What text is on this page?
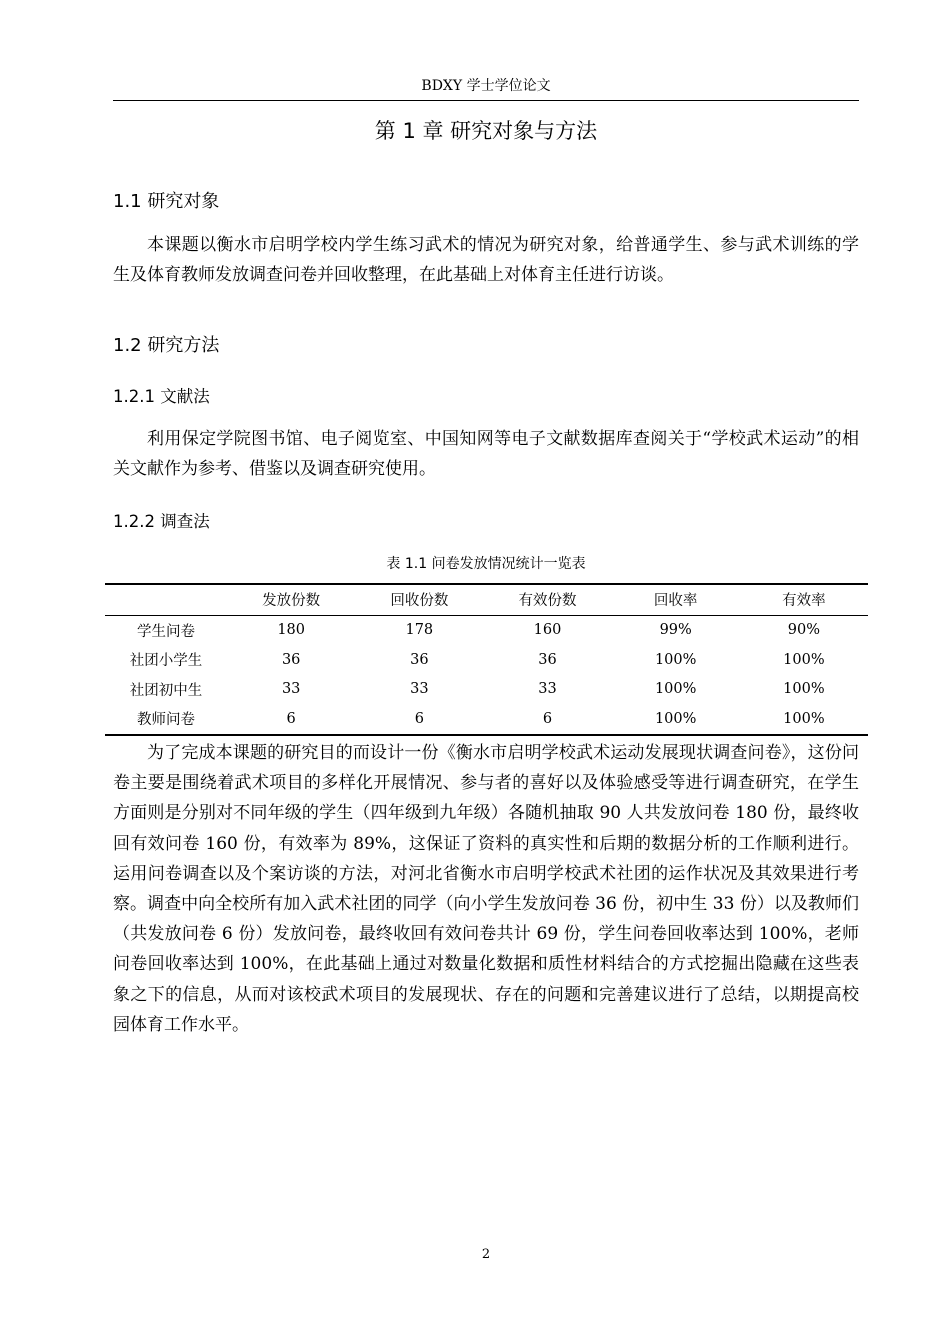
BDXY 学士学位论文
第 1 章 研究对象与方法
1.1 研究对象

本课题以衡水市启明学校内学生练习武术的情况为研究对象，给普通学生、参与武术训练的学生及体育教师发放调查问卷并回收整理，在此基础上对体育主任进行访谈。

1.2 研究方法
1.2.1 文献法

利用保定学院图书馆、电子阅览室、中国知网等电子文献数据库查阅关于“学校武术运动”的相关文献作为参考、借鉴以及调查研究使用。

1.2.2 调查法
表 1.1 问卷发放情况统计一览表
	发放份数	回收份数	有效份数	回收率	有效率
学生问卷	180	178	160	99%	90%
社团小学生	36	36	36	100%	100%
社团初中生	33	33	33	100%	100%
教师问卷	6	6	6	100%	100%

为了完成本课题的研究目的而设计一份《衡水市启明学校武术运动发展现状调查问卷》，这份问卷主要是围绕着武术项目的多样化开展情况、参与者的喜好以及体验感受等进行调查研究，在学生方面则是分别对不同年级的学生（四年级到九年级）各随机抽取 90 人共发放问卷 180 份，最终收回有效问卷 160 份，有效率为 89%，这保证了资料的真实性和后期的数据分析的工作顺利进行。运用问卷调查以及个案访谈的方法，对河北省衡水市启明学校武术社团的运作状况及其效果进行考察。调查中向全校所有加入武术社团的同学（向小学生发放问卷 36 份，初中生 33 份）以及教师们（共发放问卷 6 份）发放问卷，最终收回有效问卷共计 69 份，学生问卷回收率达到 100%，老师问卷回收率达到 100%，在此基础上通过对数量化数据和质性材料结合的方式挖掘出隐藏在这些表象之下的信息，从而对该校武术项目的发展现状、存在的问题和完善建议进行了总结，以期提高校园体育工作水平。

2
